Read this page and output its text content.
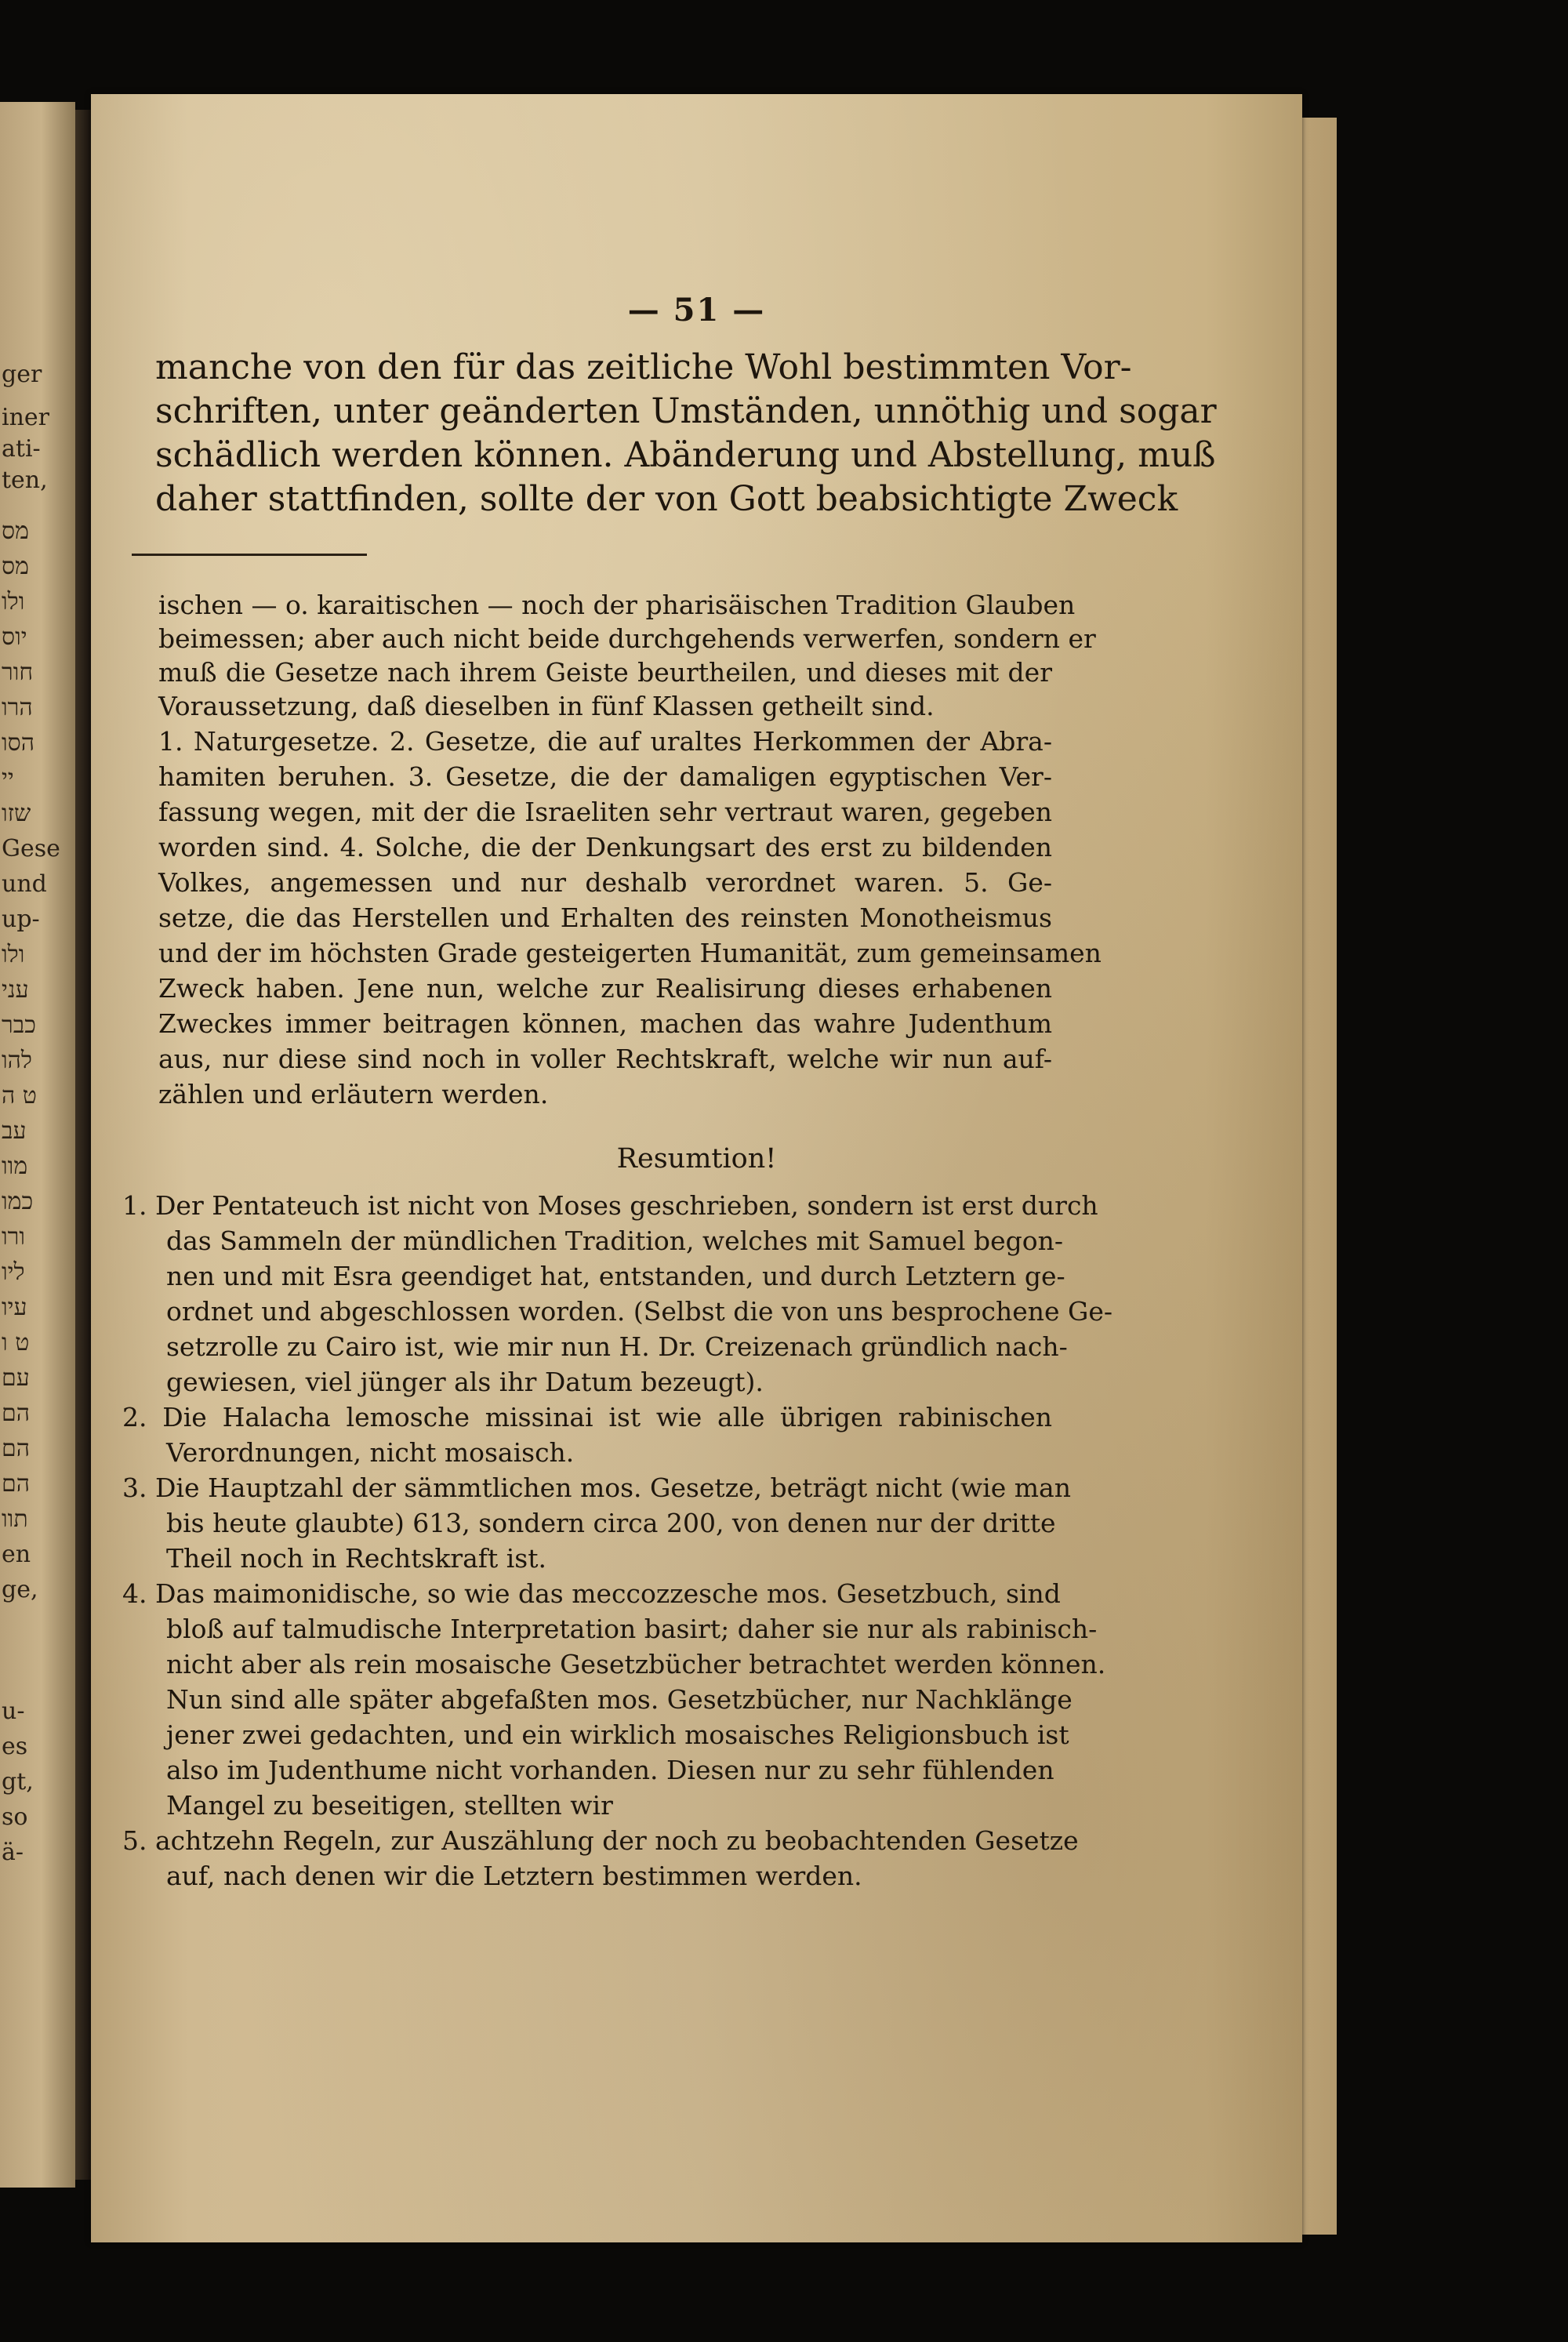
ger
iner
ati-
ten,
מס
מס
ולו
יוס
חור
הרו
הסו
יי
שזו
Gese
und
up-
ולו
עני
כבר
להו
ט ה
עב
מוו
כמו
ורו
ליו
עיו
ט ו
עם
הם
הם
הם
תוו
en
ge,
u-
es
gt,
so
ä-
— 51 —
manche von den für das zeitliche Wohl bestimmten Vor-
schriften, unter geänderten Umständen, unnöthig und sogar
schädlich werden können. Abänderung und Abstellung, muß
daher stattfinden, sollte der von Gott beabsichtigte Zweck
ischen — o. karaitischen — noch der pharisäischen Tradition Glauben
beimessen; aber auch nicht beide durchgehends verwerfen, sondern er
muß die Gesetze nach ihrem Geiste beurtheilen, und dieses mit der
Voraussetzung, daß dieselben in fünf Klassen getheilt sind.
1. Naturgesetze. 2. Gesetze, die auf uraltes Herkommen der Abra-
hamiten beruhen. 3. Gesetze, die der damaligen egyptischen Ver-
fassung wegen, mit der die Israeliten sehr vertraut waren, gegeben
worden sind. 4. Solche, die der Denkungsart des erst zu bildenden
Volkes, angemessen und nur deshalb verordnet waren. 5. Ge-
setze, die das Herstellen und Erhalten des reinsten Monotheismus
und der im höchsten Grade gesteigerten Humanität, zum gemeinsamen
Zweck haben. Jene nun, welche zur Realisirung dieses erhabenen
Zweckes immer beitragen können, machen das wahre Judenthum
aus, nur diese sind noch in voller Rechtskraft, welche wir nun auf-
zählen und erläutern werden.
Resumtion!
1. Der Pentateuch ist nicht von Moses geschrieben, sondern ist erst durch
das Sammeln der mündlichen Tradition, welches mit Samuel begon-
nen und mit Esra geendiget hat, entstanden, und durch Letztern ge-
ordnet und abgeschlossen worden. (Selbst die von uns besprochene Ge-
setzrolle zu Cairo ist, wie mir nun H. Dr. Creizenach gründlich nach-
gewiesen, viel jünger als ihr Datum bezeugt).
2. Die Halacha lemosche missinai ist wie alle übrigen rabinischen
Verordnungen, nicht mosaisch.
3. Die Hauptzahl der sämmtlichen mos. Gesetze, beträgt nicht (wie man
bis heute glaubte) 613, sondern circa 200, von denen nur der dritte
Theil noch in Rechtskraft ist.
4. Das maimonidische, so wie das meccozzesche mos. Gesetzbuch, sind
bloß auf talmudische Interpretation basirt; daher sie nur als rabinisch-
nicht aber als rein mosaische Gesetzbücher betrachtet werden können.
Nun sind alle später abgefaßten mos. Gesetzbücher, nur Nachklänge
jener zwei gedachten, und ein wirklich mosaisches Religionsbuch ist
also im Judenthume nicht vorhanden. Diesen nur zu sehr fühlenden
Mangel zu beseitigen, stellten wir
5. achtzehn Regeln, zur Auszählung der noch zu beobachtenden Gesetze
auf, nach denen wir die Letztern bestimmen werden.
